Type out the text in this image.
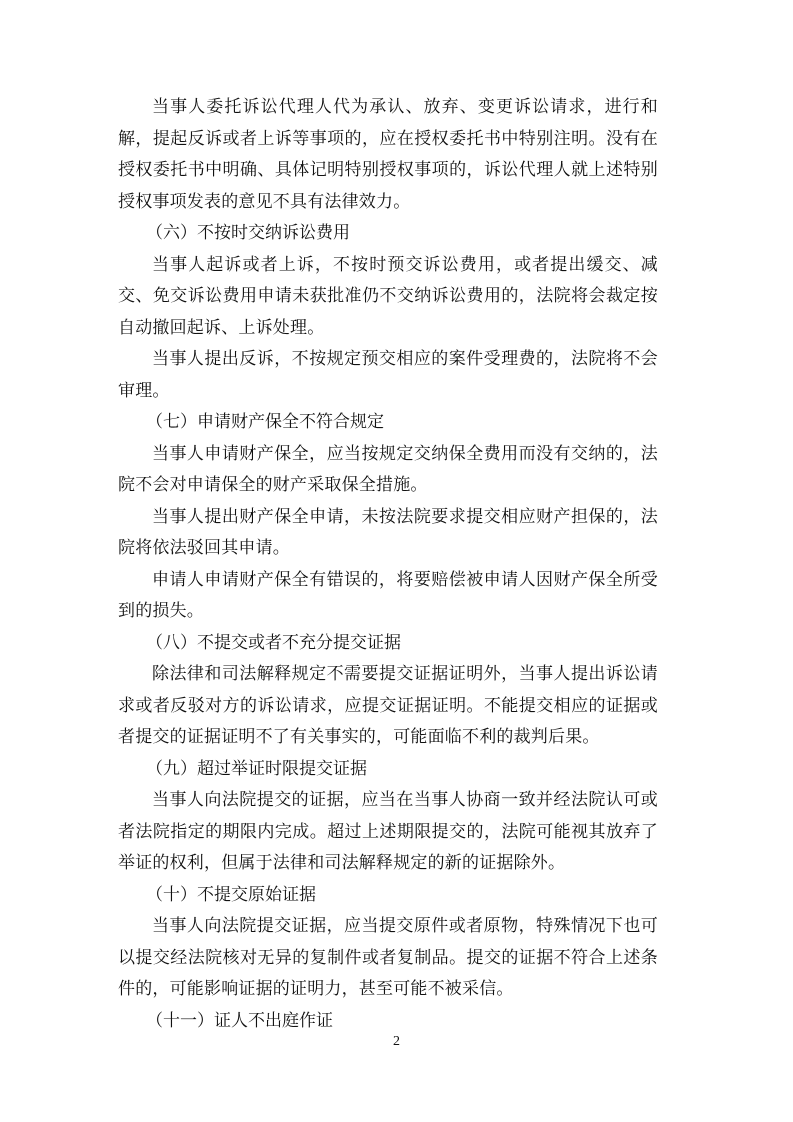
当事人委托诉讼代理人代为承认、放弃、变更诉讼请求，进行和解，提起反诉或者上诉等事项的，应在授权委托书中特别注明。没有在授权委托书中明确、具体记明特别授权事项的，诉讼代理人就上述特别授权事项发表的意见不具有法律效力。

（六）不按时交纳诉讼费用

当事人起诉或者上诉，不按时预交诉讼费用，或者提出缓交、减交、免交诉讼费用申请未获批准仍不交纳诉讼费用的，法院将会裁定按自动撤回起诉、上诉处理。

当事人提出反诉，不按规定预交相应的案件受理费的，法院将不会审理。

（七）申请财产保全不符合规定

当事人申请财产保全，应当按规定交纳保全费用而没有交纳的，法院不会对申请保全的财产采取保全措施。

当事人提出财产保全申请，未按法院要求提交相应财产担保的，法院将依法驳回其申请。

申请人申请财产保全有错误的，将要赔偿被申请人因财产保全所受到的损失。

（八）不提交或者不充分提交证据

除法律和司法解释规定不需要提交证据证明外，当事人提出诉讼请求或者反驳对方的诉讼请求，应提交证据证明。不能提交相应的证据或者提交的证据证明不了有关事实的，可能面临不利的裁判后果。

（九）超过举证时限提交证据

当事人向法院提交的证据，应当在当事人协商一致并经法院认可或者法院指定的期限内完成。超过上述期限提交的，法院可能视其放弃了举证的权利，但属于法律和司法解释规定的新的证据除外。

（十）不提交原始证据

当事人向法院提交证据，应当提交原件或者原物，特殊情况下也可以提交经法院核对无异的复制件或者复制品。提交的证据不符合上述条件的，可能影响证据的证明力，甚至可能不被采信。

（十一）证人不出庭作证

2
